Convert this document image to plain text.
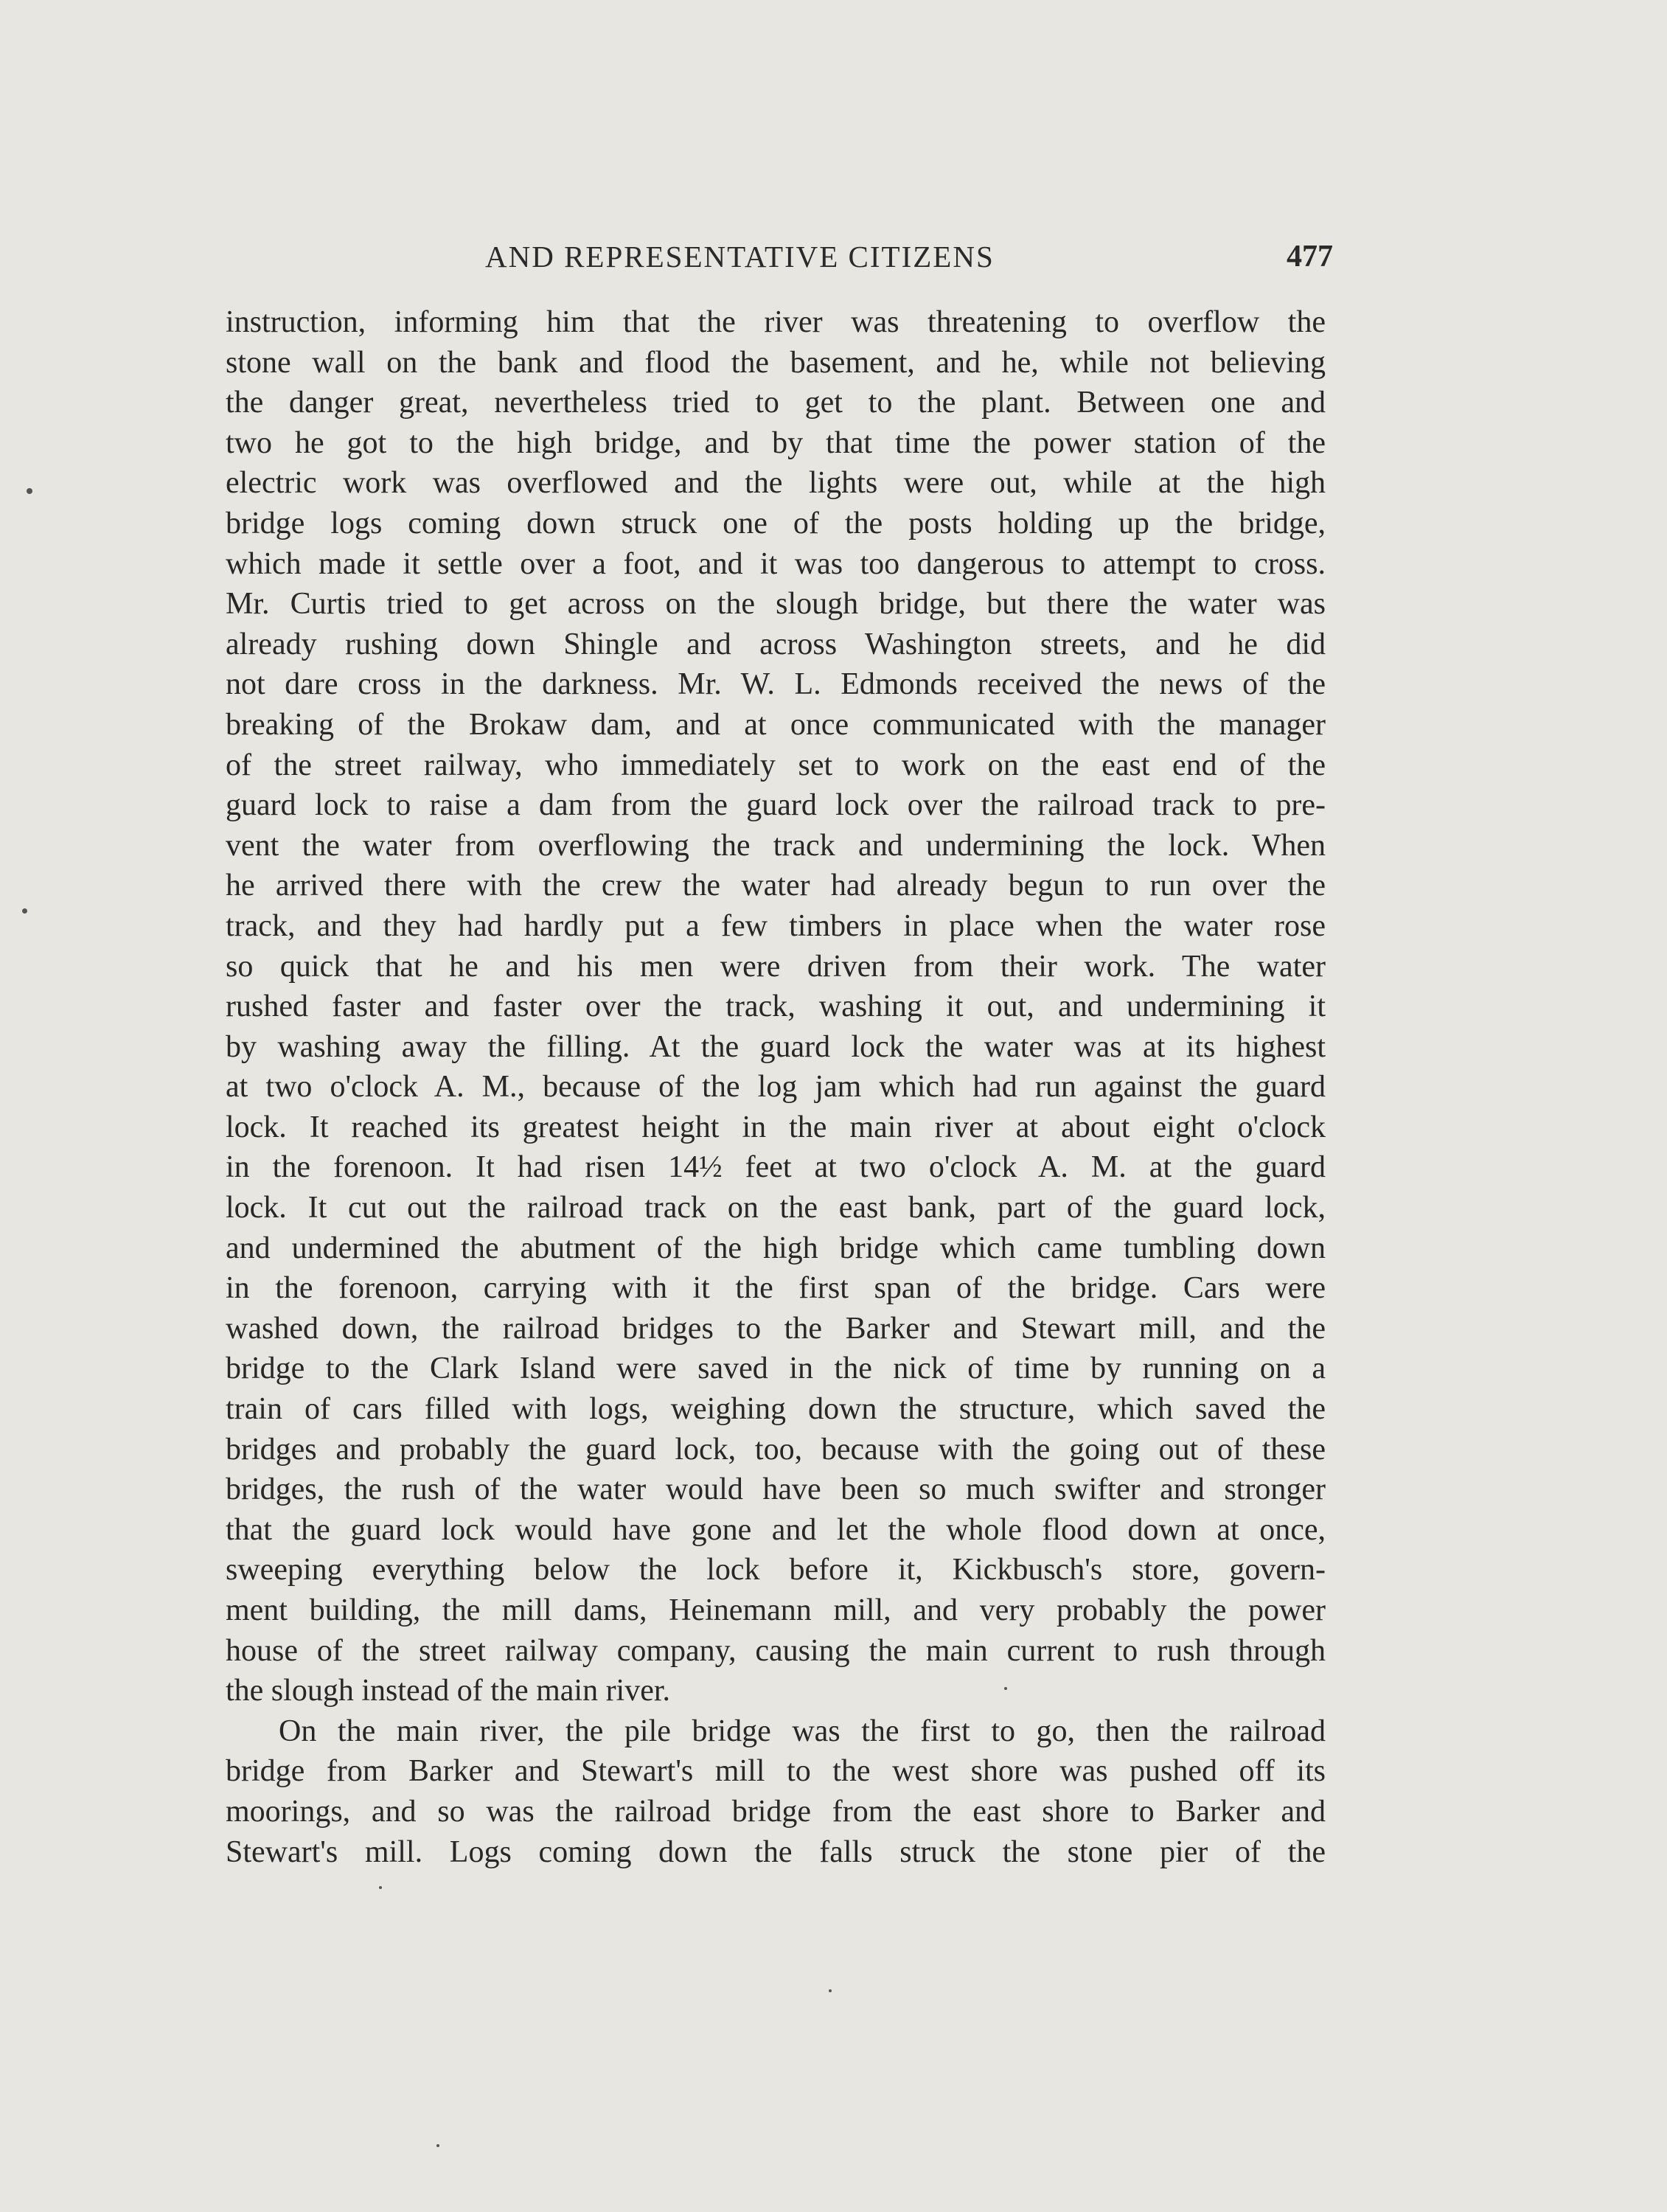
AND REPRESENTATIVE CITIZENS	477
instruction, informing him that the river was threatening to overflow the
stone wall on the bank and flood the basement, and he, while not believing
the danger great, nevertheless tried to get to the plant. Between one and
two he got to the high bridge, and by that time the power station of the
electric work was overflowed and the lights were out, while at the high
bridge logs coming down struck one of the posts holding up the bridge,
which made it settle over a foot, and it was too dangerous to attempt to cross.
Mr. Curtis tried to get across on the slough bridge, but there the water was
already rushing down Shingle and across Washington streets, and he did
not dare cross in the darkness. Mr. W. L. Edmonds received the news of the
breaking of the Brokaw dam, and at once communicated with the manager
of the street railway, who immediately set to work on the east end of the
guard lock to raise a dam from the guard lock over the railroad track to pre-
vent the water from overflowing the track and undermining the lock. When
he arrived there with the crew the water had already begun to run over the
track, and they had hardly put a few timbers in place when the water rose
so quick that he and his men were driven from their work. The water
rushed faster and faster over the track, washing it out, and undermining it
by washing away the filling. At the guard lock the water was at its highest
at two o'clock A. M., because of the log jam which had run against the guard
lock. It reached its greatest height in the main river at about eight o'clock
in the forenoon. It had risen 14½ feet at two o'clock A. M. at the guard
lock. It cut out the railroad track on the east bank, part of the guard lock,
and undermined the abutment of the high bridge which came tumbling down
in the forenoon, carrying with it the first span of the bridge. Cars were
washed down, the railroad bridges to the Barker and Stewart mill, and the
bridge to the Clark Island were saved in the nick of time by running on a
train of cars filled with logs, weighing down the structure, which saved the
bridges and probably the guard lock, too, because with the going out of these
bridges, the rush of the water would have been so much swifter and stronger
that the guard lock would have gone and let the whole flood down at once,
sweeping everything below the lock before it, Kickbusch's store, govern-
ment building, the mill dams, Heinemann mill, and very probably the power
house of the street railway company, causing the main current to rush through
the slough instead of the main river.
On the main river, the pile bridge was the first to go, then the railroad
bridge from Barker and Stewart's mill to the west shore was pushed off its
moorings, and so was the railroad bridge from the east shore to Barker and
Stewart's mill. Logs coming down the falls struck the stone pier of the
